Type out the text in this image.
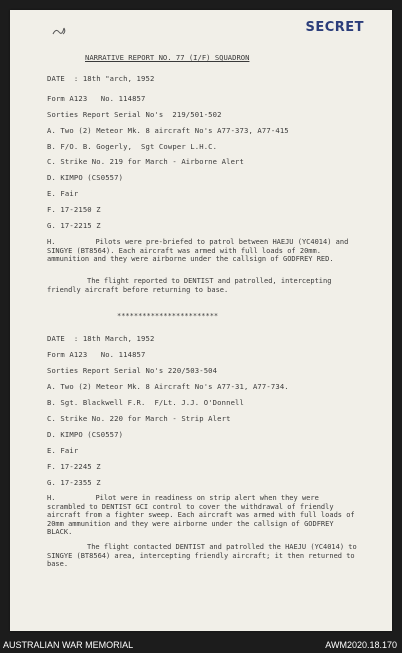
SECRET
NARRATIVE REPORT NO. 77 (I/F) SQUADRON
DATE  : 18th "arch, 1952
Form A123   No. 114857
Sorties Report Serial No's  219/501-502
A. Two (2) Meteor Mk. 8 aircraft No's A77-373, A77-415
B. F/O. B. Gogerly,  Sgt Cowper L.H.C.
C. Strike No. 219 for March - Airborne Alert
D. KIMPO (CS0557)
E. Fair
F. 17-2150 Z
G. 17-2215 Z
H.	Pilots were pre-briefed to patrol between HAEJU (YC4014) and SINGYE (BT8564). Each aircraft was armed with full loads of 20mm. ammunition and they were airborne under the callsign of GODFREY RED.
The flight reported to DENTIST and patrolled, intercepting friendly aircraft before returning to base.
************************
DATE  : 18th March, 1952
Form A123   No. 114857
Sorties Report Serial No's 220/503-504
A. Two (2) Meteor Mk. 8 Aircraft No's A77-31, A77-734.
B. Sgt. Blackwell F.R.  F/Lt. J.J. O'Donnell
C. Strike No. 220 for March - Strip Alert
D. KIMPO (CS0557)
E. Fair
F. 17-2245 Z
G. 17-2355 Z
H.	Pilot were in readiness on strip alert when they were scrambled to DENTIST GCI control to cover the withdrawal of friendly aircraft from a fighter sweep. Each aircraft was armed with full loads of 20mm ammunition and they were airborne under the callsign of GODFREY BLACK.
The flight contacted DENTIST and patrolled the HAEJU (YC4014) to SINGYE (BT8564) area, intercepting friendly aircraft; it then returned to base.
AUSTRALIAN WAR MEMORIAL	AWM2020.18.170
